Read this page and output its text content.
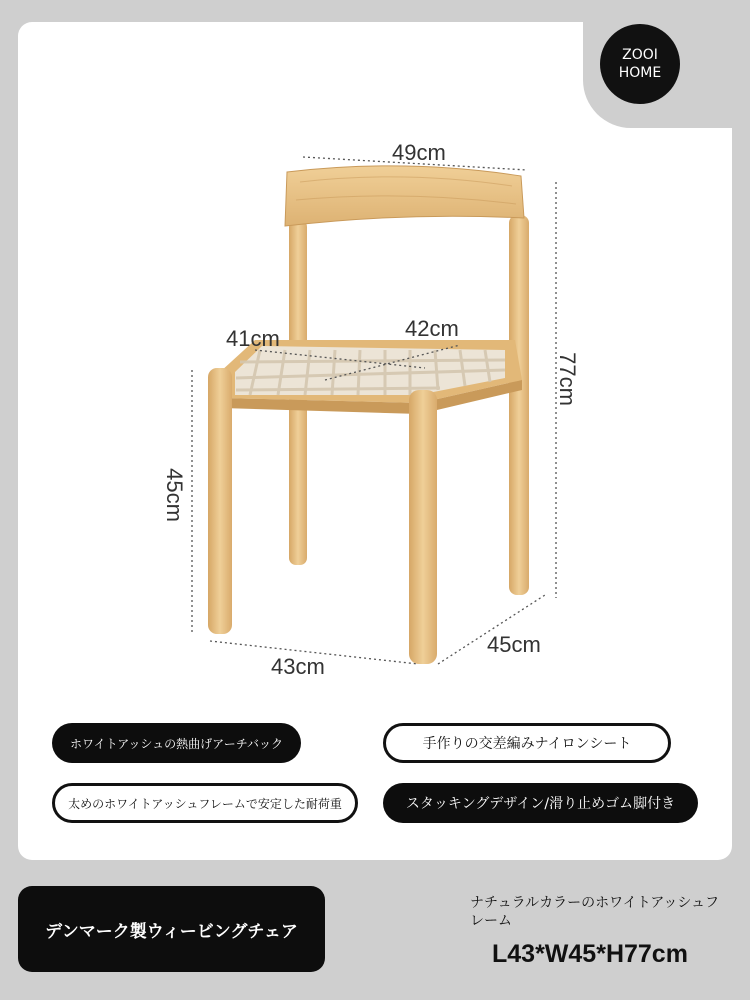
ZOOI
HOME
49cm
41cm	42cm
77cm
45cm
43cm
45cm
ホワイトアッシュの熱曲げアーチバック	手作りの交差編みナイロンシート
太めのホワイトアッシュフレームで安定した耐荷重	スタッキングデザイン/滑り止めゴム脚付き
デンマーク製ウィービングチェア
ナチュラルカラーのホワイトアッシュフレーム
L43*W45*H77cm
